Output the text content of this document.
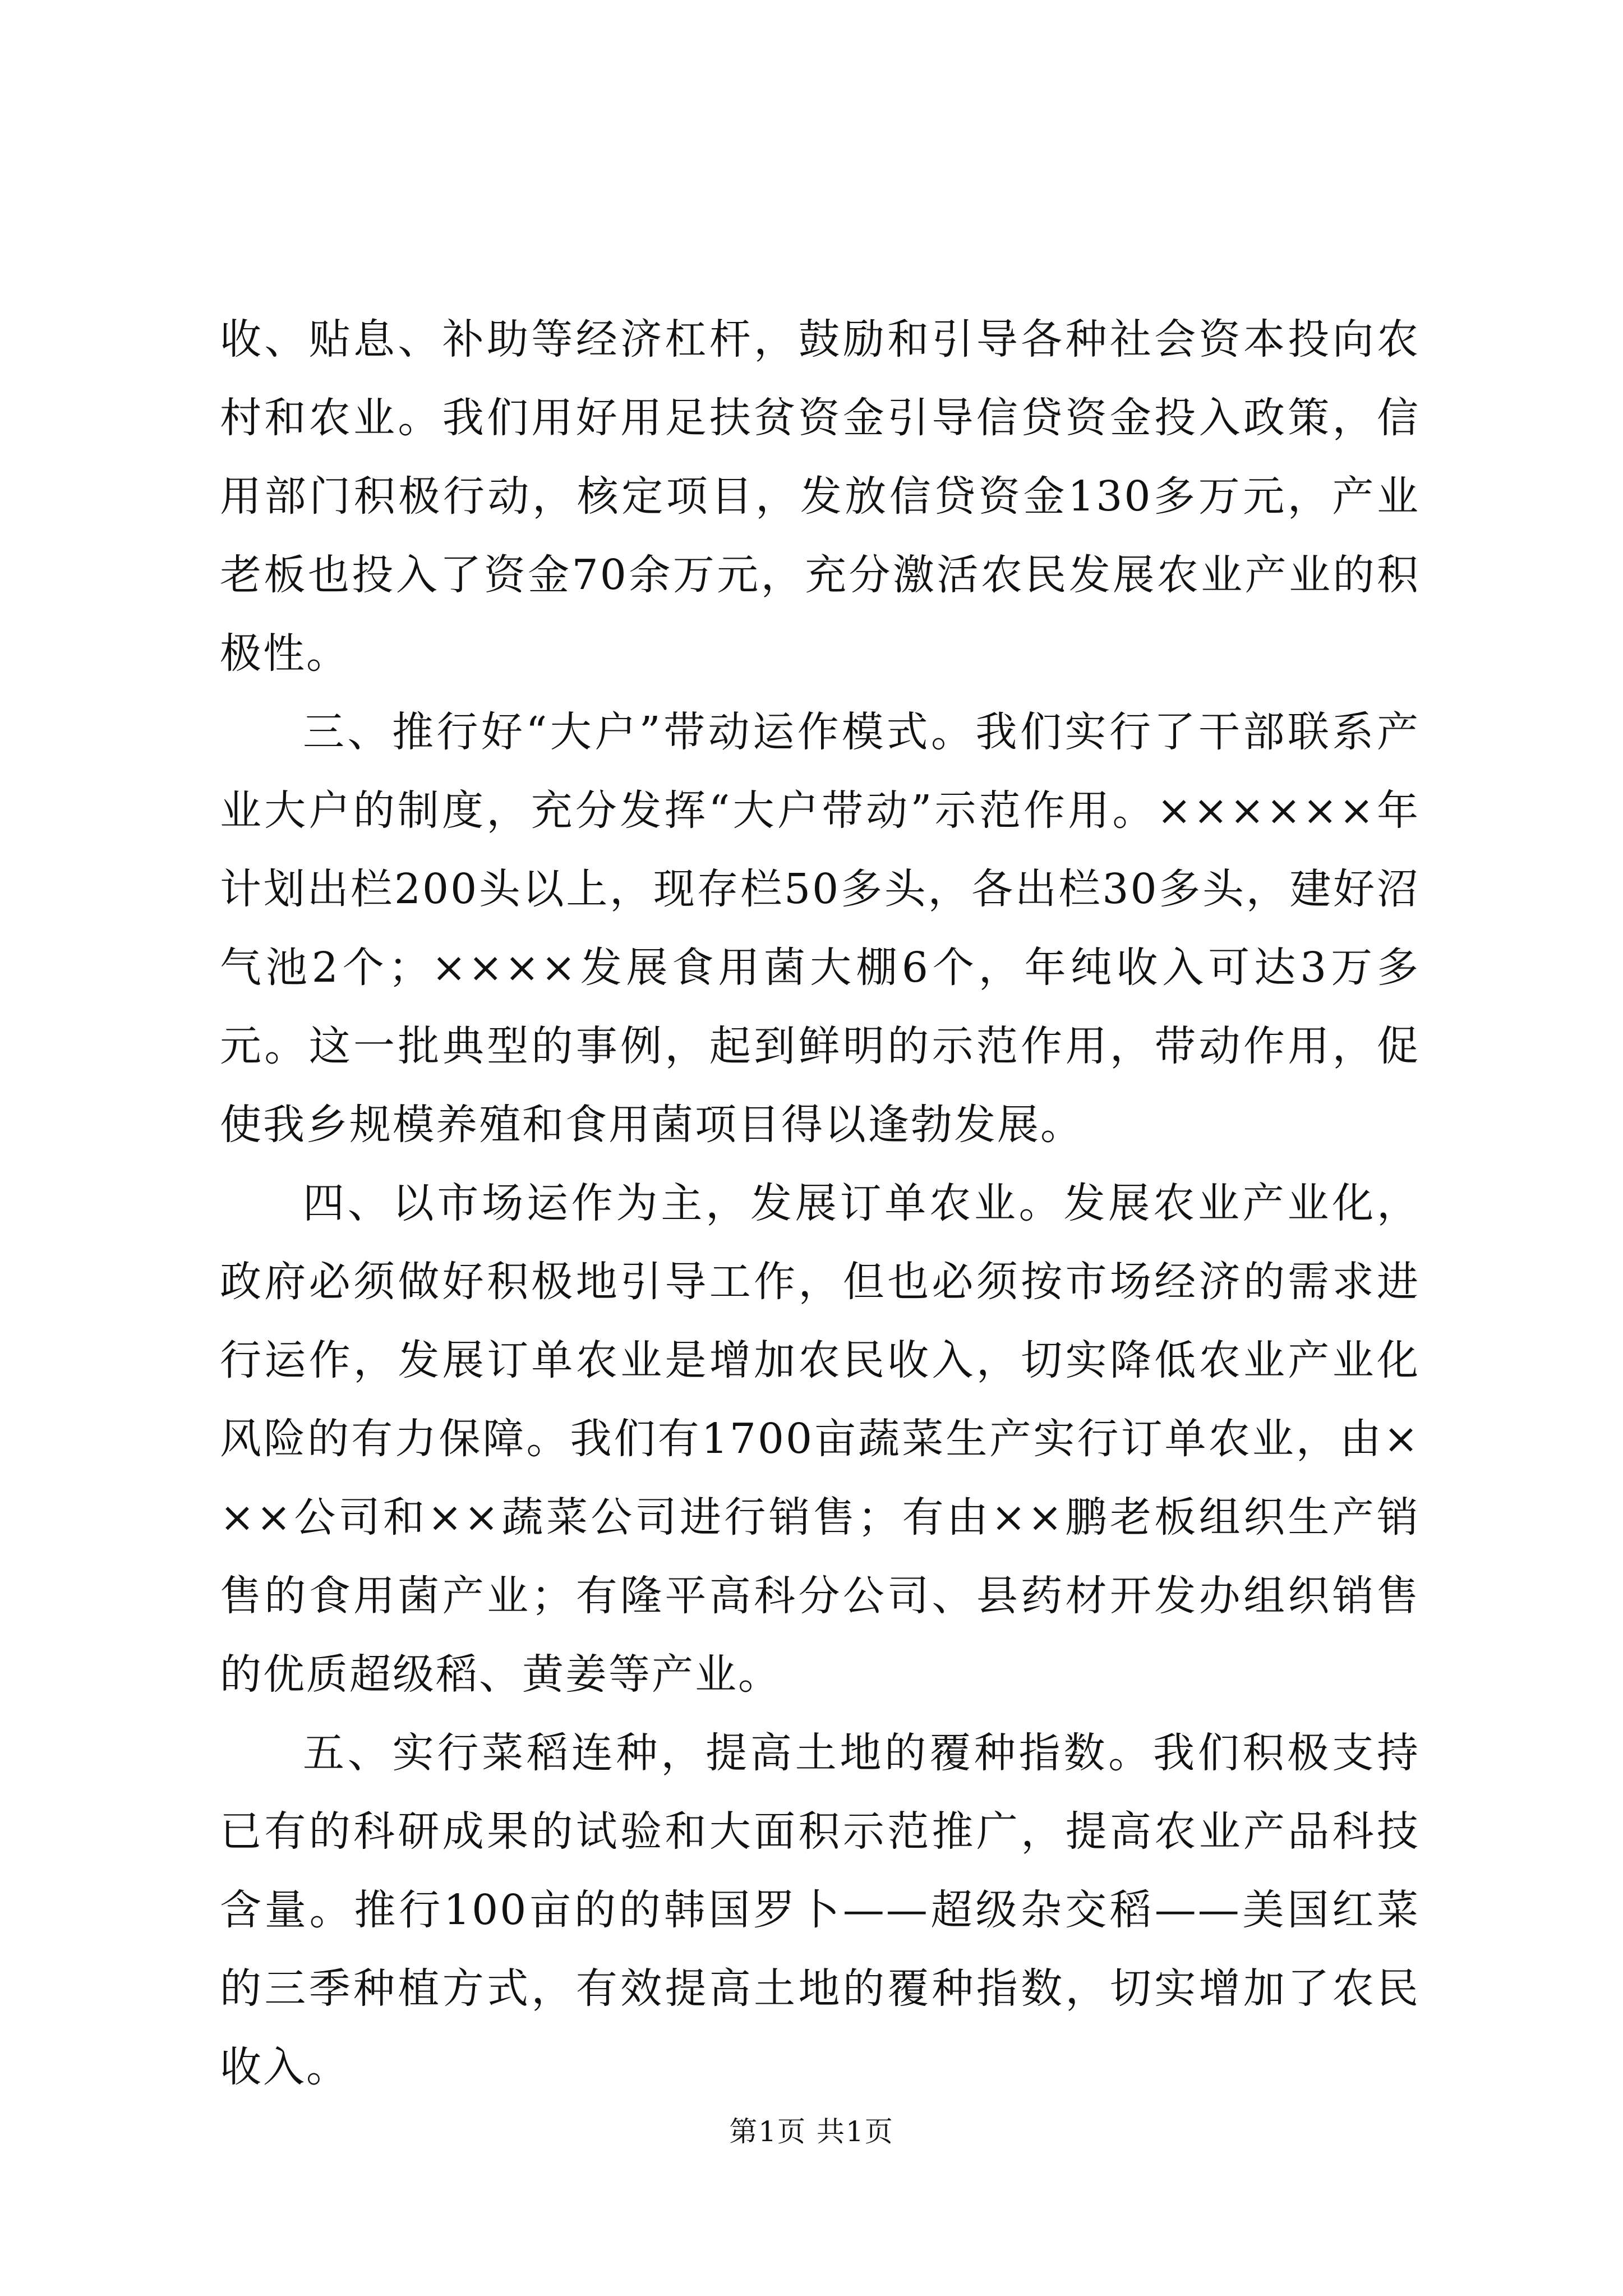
收、贴息、补助等经济杠杆，鼓励和引导各种社会资本投向农村和农业。我们用好用足扶贫资金引导信贷资金投入政策，信用部门积极行动，核定项目，发放信贷资金130多万元，产业老板也投入了资金70余万元，充分激活农民发展农业产业的积极性。

三、推行好“大户”带动运作模式。我们实行了干部联系产业大户的制度，充分发挥“大户带动”示范作用。××××××年计划出栏200头以上，现存栏50多头，各出栏30多头，建好沼气池2个；××××发展食用菌大棚6个，年纯收入可达3万多元。这一批典型的事例，起到鲜明的示范作用，带动作用，促使我乡规模养殖和食用菌项目得以逢勃发展。

四、以市场运作为主，发展订单农业。发展农业产业化，政府必须做好积极地引导工作，但也必须按市场经济的需求进行运作，发展订单农业是增加农民收入，切实降低农业产业化风险的有力保障。我们有1700亩蔬菜生产实行订单农业，由×××公司和××蔬菜公司进行销售；有由××鹏老板组织生产销售的食用菌产业；有隆平高科分公司、县药材开发办组织销售的优质超级稻、黄姜等产业。

五、实行菜稻连种，提高土地的覆种指数。我们积极支持已有的科研成果的试验和大面积示范推广，提高农业产品科技含量。推行100亩的的韩国罗卜——超级杂交稻——美国红菜的三季种植方式，有效提高土地的覆种指数，切实增加了农民收入。

第1页 共1页
